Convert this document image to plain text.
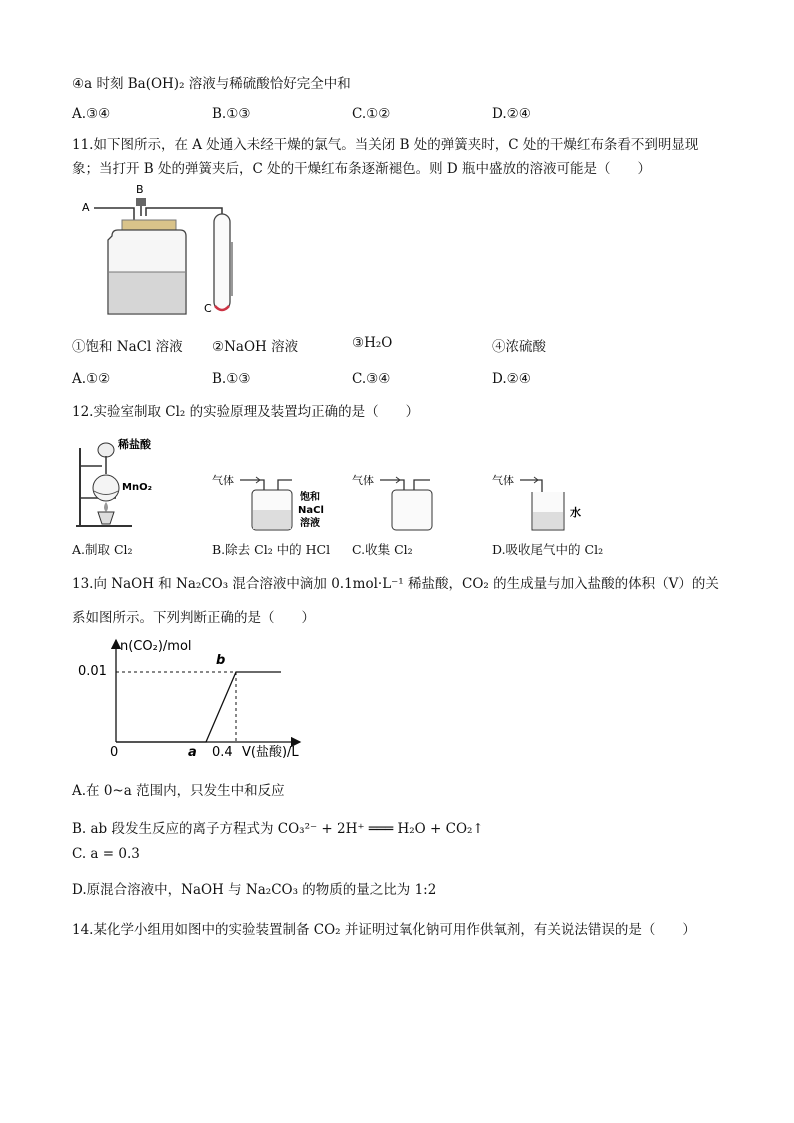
④a 时刻 Ba(OH)₂ 溶液与稀硫酸恰好完全中和
A.③④	B.①③	C.①②	D.②④
11.如下图所示，在 A 处通入未经干燥的氯气。当关闭 B 处的弹簧夹时，C 处的干燥红布条看不到明显现
象；当打开 B 处的弹簧夹后，C 处的干燥红布条逐渐褪色。则 D 瓶中盛放的溶液可能是（　　）
A
B
C
①饱和 NaCl 溶液 ②NaOH 溶液	③H₂O	④浓硫酸
A.①②	B.①③	C.③④	D.②④
12.实验室制取 Cl₂ 的实验原理及装置均正确的是（　　）
稀盐酸
MnO₂
气体
饱和
NaCl
溶液
气体	气体
水
A.制取 Cl₂	B.除去 Cl₂ 中的 HCl C.收集 Cl₂	D.吸收尾气中的 Cl₂
13.向 NaOH 和 Na₂CO₃ 混合溶液中滴加 0.1mol·L⁻¹ 稀盐酸，CO₂ 的生成量与加入盐酸的体积（V）的关
系如图所示。下列判断正确的是（　　）
n(CO₂)/mol
V(盐酸)/L
0.01
0	a 0.4
b
A.在 0~a 范围内，只发生中和反应
B. ab 段发生反应的离子方程式为 CO₃²⁻ + 2H⁺ ═══ H₂O + CO₂↑
C. a = 0.3
D.原混合溶液中，NaOH 与 Na₂CO₃ 的物质的量之比为 1:2
14.某化学小组用如图中的实验装置制备 CO₂ 并证明过氧化钠可用作供氧剂，有关说法错误的是（　　）
